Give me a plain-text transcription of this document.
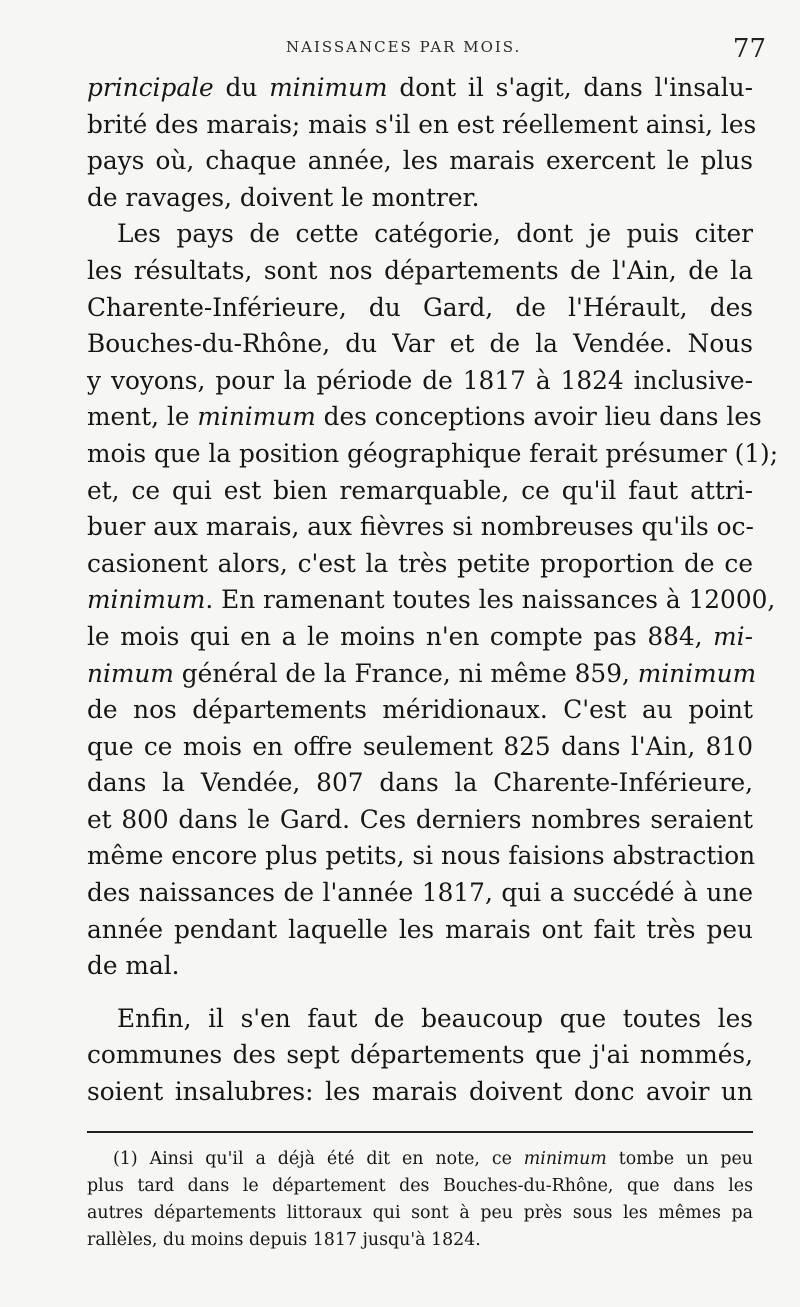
NAISSANCES PAR MOIS.	77
principale du minimum dont il s'agit, dans l'insalu-
brité des marais; mais s'il en est réellement ainsi, les
pays où, chaque année, les marais exercent le plus
de ravages, doivent le montrer.
Les pays de cette catégorie, dont je puis citer
les résultats, sont nos départements de l'Ain, de la
Charente-Inférieure, du Gard, de l'Hérault, des
Bouches-du-Rhône, du Var et de la Vendée. Nous
y voyons, pour la période de 1817 à 1824 inclusive-
ment, le minimum des conceptions avoir lieu dans les
mois que la position géographique ferait présumer (1);
et, ce qui est bien remarquable, ce qu'il faut attri-
buer aux marais, aux fièvres si nombreuses qu'ils oc-
casionent alors, c'est la très petite proportion de ce
minimum. En ramenant toutes les naissances à 12000,
le mois qui en a le moins n'en compte pas 884, mi-
nimum général de la France, ni même 859, minimum
de nos départements méridionaux. C'est au point
que ce mois en offre seulement 825 dans l'Ain, 810
dans la Vendée, 807 dans la Charente-Inférieure,
et 800 dans le Gard. Ces derniers nombres seraient
même encore plus petits, si nous faisions abstraction
des naissances de l'année 1817, qui a succédé à une
année pendant laquelle les marais ont fait très peu
de mal.
Enfin, il s'en faut de beaucoup que toutes les
communes des sept départements que j'ai nommés,
soient insalubres: les marais doivent donc avoir un
(1) Ainsi qu'il a déjà été dit en note, ce minimum tombe un peu
plus tard dans le département des Bouches-du-Rhône, que dans les
autres départements littoraux qui sont à peu près sous les mêmes pa
rallèles, du moins depuis 1817 jusqu'à 1824.
